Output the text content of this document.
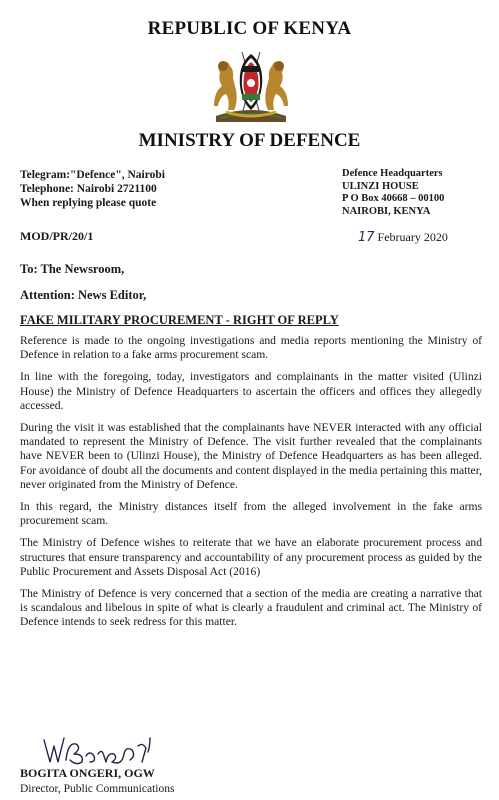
REPUBLIC OF KENYA
MINISTRY OF DEFENCE
Telegram:"Defence", Nairobi
Telephone: Nairobi 2721100
When replying please quote
Defence Headquarters
ULINZI HOUSE
P O Box 40668 – 00100
NAIROBI, KENYA
MOD/PR/20/1	17 February 2020
To: The Newsroom,
Attention: News Editor,
FAKE MILITARY PROCUREMENT - RIGHT OF REPLY

Reference is made to the ongoing investigations and media reports mentioning the Ministry of Defence in relation to a fake arms procurement scam.

In line with the foregoing, today, investigators and complainants in the matter visited (Ulinzi House) the Ministry of Defence Headquarters to ascertain the officers and offices they allegedly accessed.

During the visit it was established that the complainants have NEVER interacted with any official mandated to represent the Ministry of Defence. The visit further revealed that the complainants have NEVER been to (Ulinzi House), the Ministry of Defence Headquarters as has been alleged. For avoidance of doubt all the documents and content displayed in the media pertaining this matter, never originated from the Ministry of Defence.

In this regard, the Ministry distances itself from the alleged involvement in the fake arms procurement scam.

The Ministry of Defence wishes to reiterate that we have an elaborate procurement process and structures that ensure transparency and accountability of any procurement process as guided by the Public Procurement and Assets Disposal Act (2016)

The Ministry of Defence is very concerned that a section of the media are creating a narrative that is scandalous and libelous in spite of what is clearly a fraudulent and criminal act. The Ministry of Defence intends to seek redress for this matter.

BOGITA ONGERI, OGW
Director, Public Communications
